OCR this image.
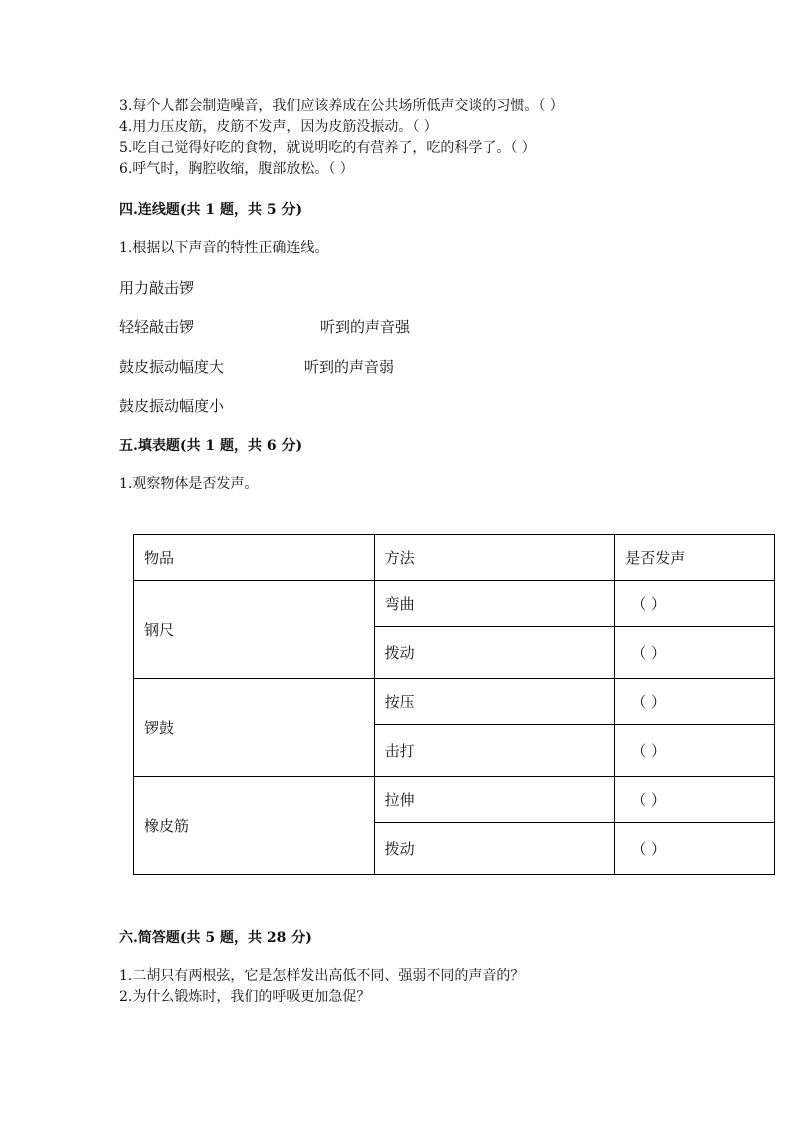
3.每个人都会制造噪音，我们应该养成在公共场所低声交谈的习惯。（ ）
4.用力压皮筋，皮筋不发声，因为皮筋没振动。（ ）
5.吃自己觉得好吃的食物，就说明吃的有营养了，吃的科学了。（ ）
6.呼气时，胸腔收缩，腹部放松。（ ）
四.连线题(共 1 题，共 5 分)
1.根据以下声音的特性正确连线。
用力敲击锣
轻轻敲击锣
鼓皮振动幅度大
鼓皮振动幅度小
听到的声音强
听到的声音弱
五.填表题(共 1 题，共 6 分)
1.观察物体是否发声。
物品	方法	是否发声
钢尺	弯曲	（ ）
	拨动	（ ）
锣鼓	按压	（ ）
	击打	（ ）
橡皮筋	拉伸	（ ）
	拨动	（ ）
六.简答题(共 5 题，共 28 分)
1.二胡只有两根弦，它是怎样发出高低不同、强弱不同的声音的？
2.为什么锻炼时，我们的呼吸更加急促？
